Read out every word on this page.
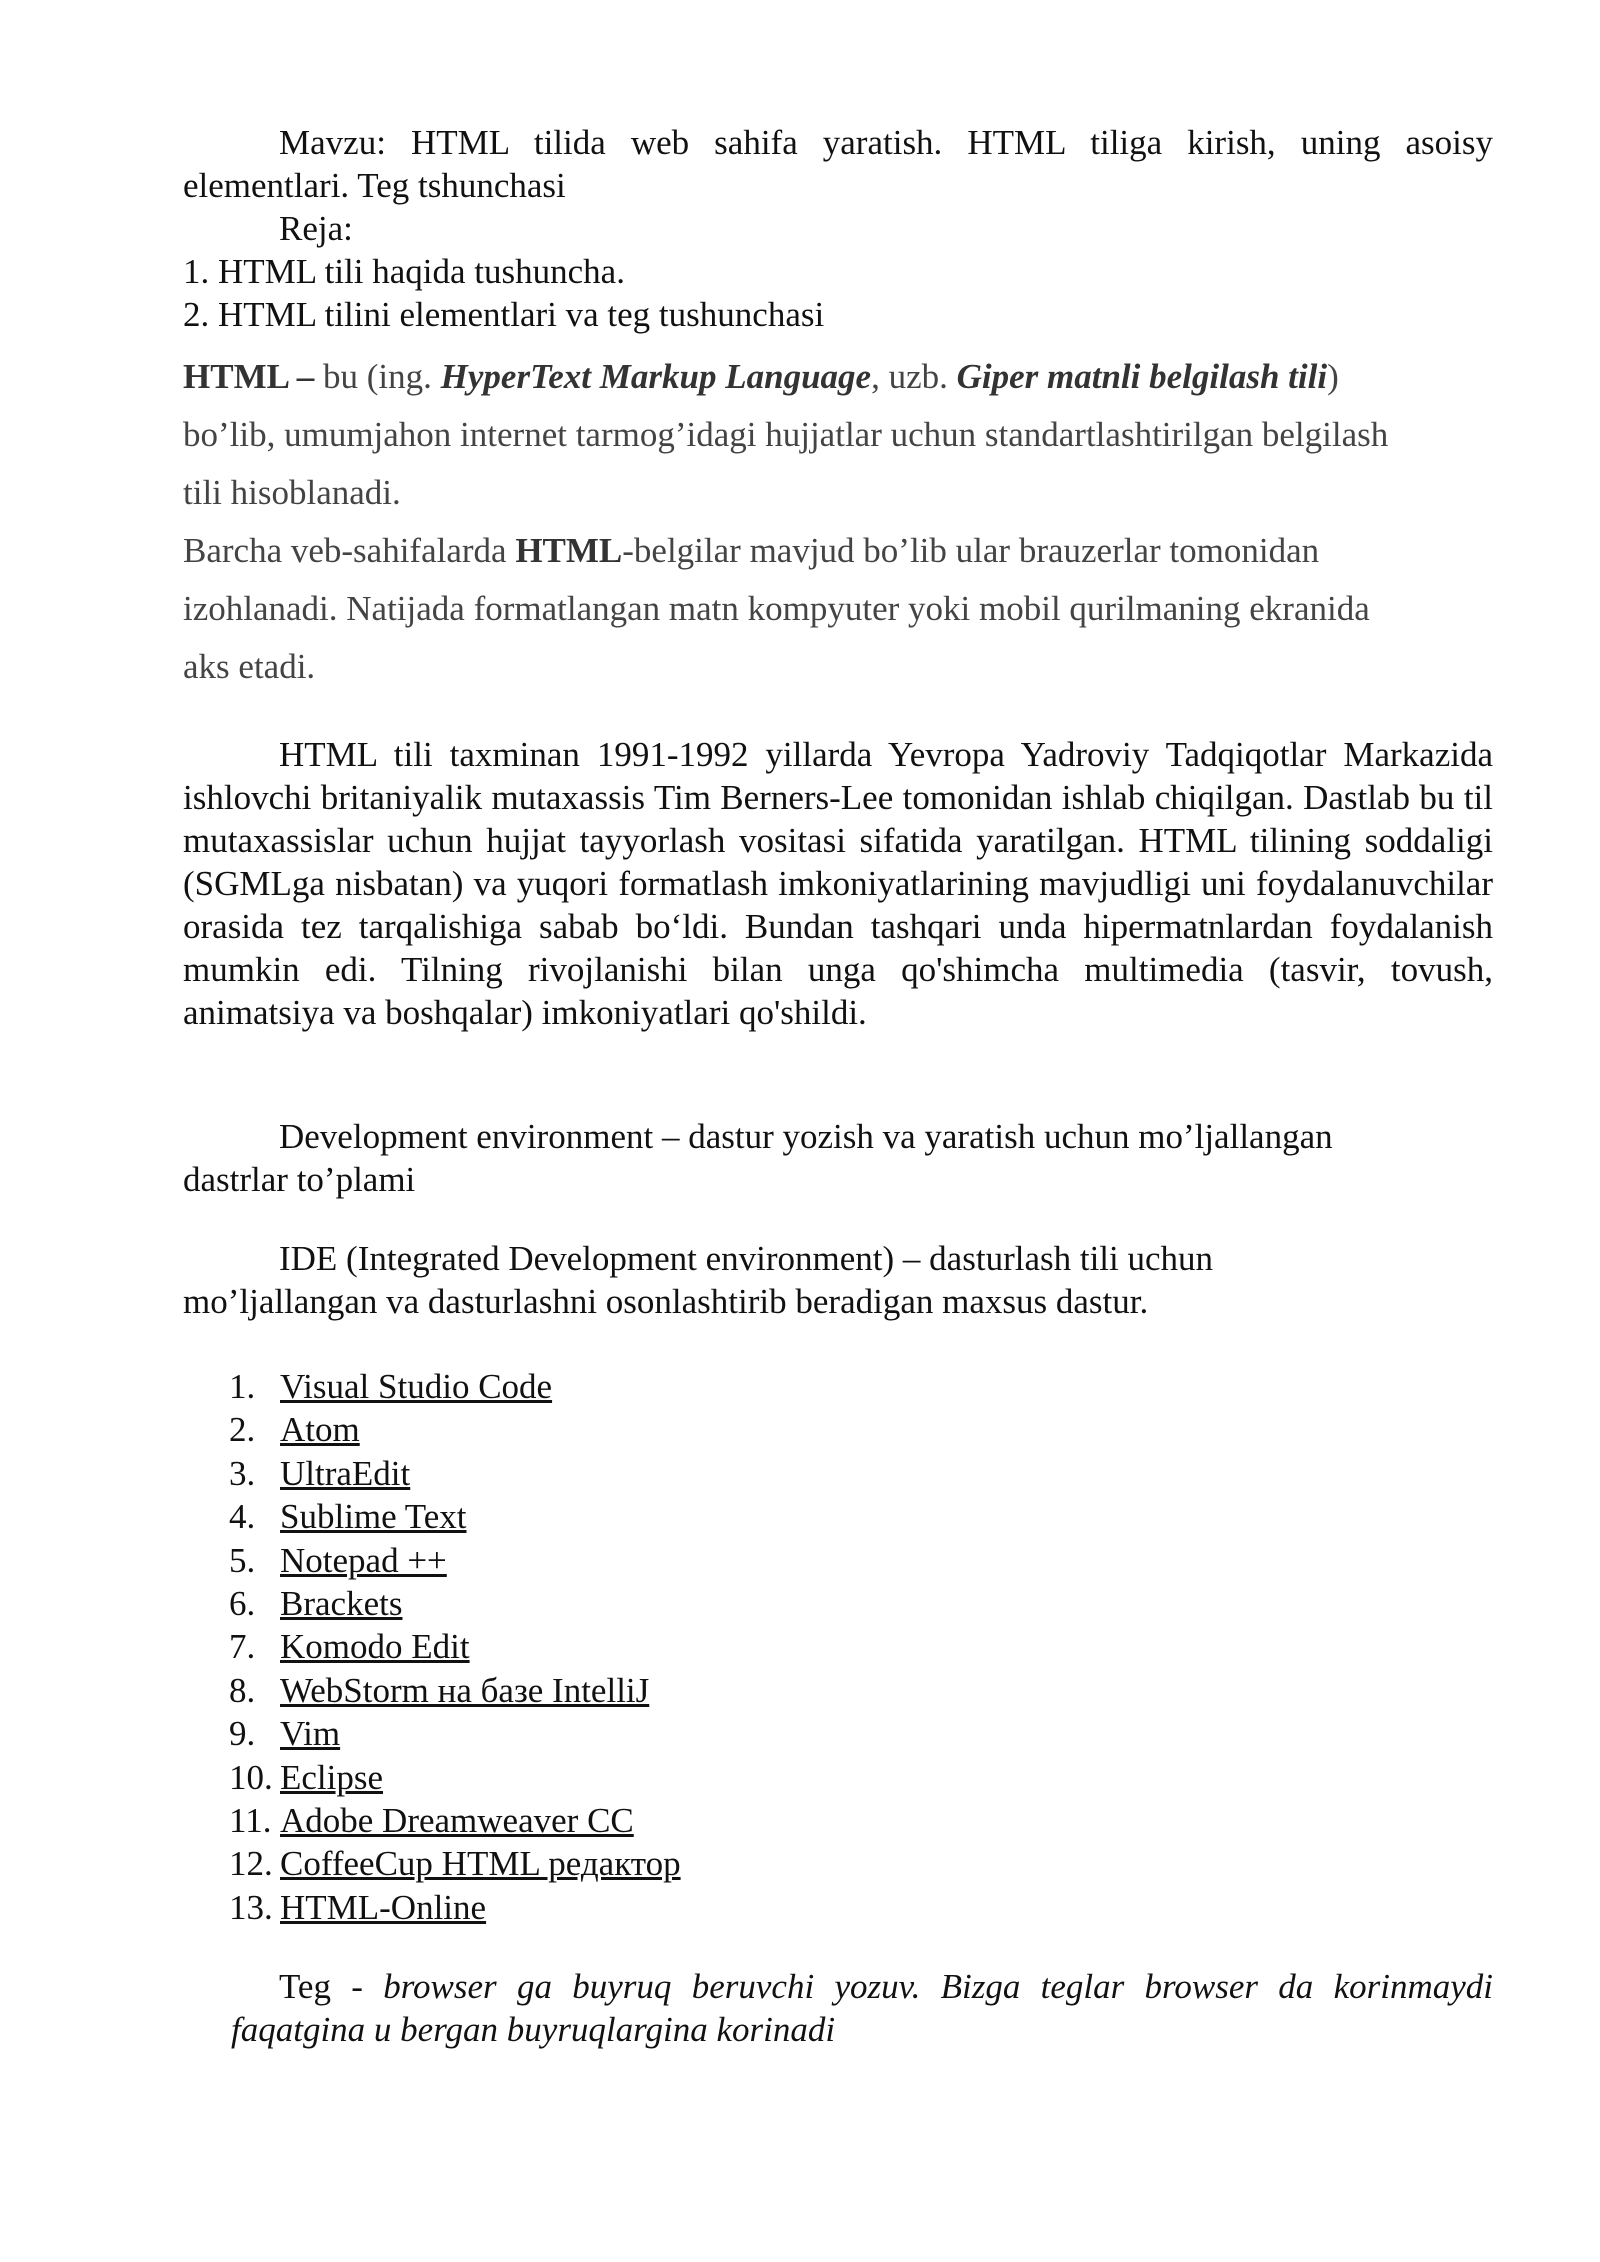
Mavzu: HTML tilida web sahifa yaratish. HTML tiliga kirish, uning asoisy
elementlari. Teg tshunchasi
Reja:
1. HTML tili haqida tushuncha.
2. HTML tilini elementlari va teg tushunchasi
HTML – bu (ing. HyperText Markup Language, uzb. Giper matnli belgilash tili)
bo’lib, umumjahon internet tarmog’idagi hujjatlar uchun standartlashtirilgan belgilash
tili hisoblanadi.
Barcha veb-sahifalarda HTML-belgilar mavjud bo’lib ular brauzerlar tomonidan
izohlanadi. Natijada formatlangan matn kompyuter yoki mobil qurilmaning ekranida
aks etadi.
HTML tili taxminan 1991-1992 yillarda Yevropa Yadroviy Tadqiqotlar Markazida ishlovchi britaniyalik mutaxassis Tim Berners-Lee tomonidan ishlab chiqilgan. Dastlab bu til mutaxassislar uchun hujjat tayyorlash vositasi sifatida yaratilgan. HTML tilining soddaligi (SGMLga nisbatan) va yuqori formatlash imkoniyatlarining mavjudligi uni foydalanuvchilar orasida tez tarqalishiga sabab bo‘ldi. Bundan tashqari unda hipermatnlardan foydalanish mumkin edi. Tilning rivojlanishi bilan unga qo'shimcha multimedia (tasvir, tovush, animatsiya va boshqalar) imkoniyatlari qo'shildi.
Development environment – dastur yozish va yaratish uchun mo’ljallangan
dastrlar to’plami
IDE (Integrated Development environment) – dasturlash tili uchun
mo’ljallangan va dasturlashni osonlashtirib beradigan maxsus dastur.
1. Visual Studio Code
2. Atom
3. UltraEdit
4. Sublime Text
5. Notepad ++
6. Brackets
7. Komodo Edit
8. WebStorm на базе IntelliJ
9. Vim
10. Eclipse
11. Adobe Dreamweaver CC
12. CoffeeCup HTML редактор
13. HTML-Online
Teg - browser ga buyruq beruvchi yozuv. Bizga teglar browser da korinmaydi faqatgina u bergan buyruqlargina korinadi
